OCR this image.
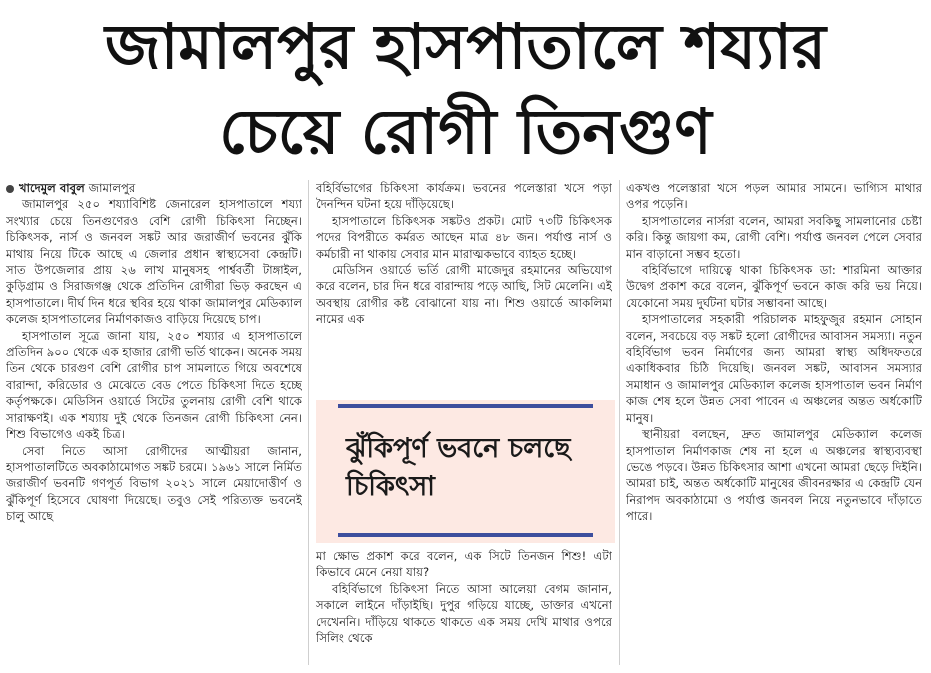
জামালপুর হাসপাতালে শয্যার
চেয়ে রোগী তিনগুণ

খাদেমুল বাবুল জামালপুর

জামালপুর ২৫০ শয্যাবিশিষ্ট জেনারেল হাসপাতালে শয্যা সংখ্যার চেয়ে তিনগুণেরও বেশি রোগী চিকিৎসা নিচ্ছেন। চিকিৎসক, নার্স ও জনবল সঙ্কট আর জরাজীর্ণ ভবনের ঝুঁকি মাথায় নিয়ে টিকে আছে এ জেলার প্রধান স্বাস্থ্যসেবা কেন্দ্রটি। সাত উপজেলার প্রায় ২৬ লাখ মানুষসহ পার্শ্ববর্তী টাঙ্গাইল, কুড়িগ্রাম ও সিরাজগঞ্জ থেকে প্রতিদিন রোগীরা ভিড় করছেন এ হাসপাতালে। দীর্ঘ দিন ধরে স্থবির হয়ে থাকা জামালপুর মেডিক্যাল কলেজ হাসপাতালের নির্মাণকাজও বাড়িয়ে দিয়েছে চাপ।

হাসপাতাল সূত্রে জানা যায়, ২৫০ শয্যার এ হাসপাতালে প্রতিদিন ৯০০ থেকে এক হাজার রোগী ভর্তি থাকেন। অনেক সময় তিন থেকে চারগুণ বেশি রোগীর চাপ সামলাতে গিয়ে অবশেষে বারান্দা, করিডোর ও মেঝেতে বেড পেতে চিকিৎসা দিতে হচ্ছে কর্তৃপক্ষকে। মেডিসিন ওয়ার্ডে সিটের তুলনায় রোগী বেশি থাকে সারাক্ষণই। এক শয্যায় দুই থেকে তিনজন রোগী চিকিৎসা নেন। শিশু বিভাগেও একই চিত্র।

সেবা নিতে আসা রোগীদের আত্মীয়রা জানান, হাসপাতালটিতে অবকাঠামোগত সঙ্কট চরমে। ১৯৬১ সালে নির্মিত জরাজীর্ণ ভবনটি গণপূর্ত বিভাগ ২০২১ সালে মেয়াদোত্তীর্ণ ও ঝুঁকিপূর্ণ হিসেবে ঘোষণা দিয়েছে। তবুও সেই পরিত্যক্ত ভবনেই চালু আছে

বহির্বিভাগের চিকিৎসা কার্যক্রম। ভবনের পলেস্তারা খসে পড়া দৈনন্দিন ঘটনা হয়ে দাঁড়িয়েছে।

হাসপাতালে চিকিৎসক সঙ্কটও প্রকট। মোট ৭৩টি চিকিৎসক পদের বিপরীতে কর্মরত আছেন মাত্র ৪৮ জন। পর্যাপ্ত নার্স ও কর্মচারী না থাকায় সেবার মান মারাত্মকভাবে ব্যাহত হচ্ছে।

মেডিসিন ওয়ার্ডে ভর্তি রোগী মাজেদুর রহমানের অভিযোগ করে বলেন, চার দিন ধরে বারান্দায় পড়ে আছি, সিট মেলেনি। এই অবস্থায় রোগীর কষ্ট বোঝানো যায় না। শিশু ওয়ার্ডে আকলিমা নামের এক

ঝুঁকিপূর্ণ ভবনে চলছে
চিকিৎসা

মা ক্ষোভ প্রকাশ করে বলেন, এক সিটে তিনজন শিশু! এটা কিভাবে মেনে নেয়া যায়?

বহির্বিভাগে চিকিৎসা নিতে আসা আলেয়া বেগম জানান, সকালে লাইনে দাঁড়াইছি। দুপুর গড়িয়ে যাচ্ছে, ডাক্তার এখনো দেখেননি। দাঁড়িয়ে থাকতে থাকতে এক সময় দেখি মাথার ওপরে সিলিং থেকে

একখণ্ড পলেস্তারা খসে পড়ল আমার সামনে। ভাগ্যিস মাথার ওপর পড়েনি।

হাসপাতালের নার্সরা বলেন, আমরা সবকিছু সামলানোর চেষ্টা করি। কিন্তু জায়গা কম, রোগী বেশি। পর্যাপ্ত জনবল পেলে সেবার মান বাড়ানো সম্ভব হতো।

বহির্বিভাগে দায়িত্বে থাকা চিকিৎসক ডা: শারমিনা আক্তার উদ্বেগ প্রকাশ করে বলেন, ঝুঁকিপূর্ণ ভবনে কাজ করি ভয় নিয়ে। যেকোনো সময় দুর্ঘটনা ঘটার সম্ভাবনা আছে।

হাসপাতালের সহকারী পরিচালক মাহফুজুর রহমান সোহান বলেন, সবচেয়ে বড় সঙ্কট হলো রোগীদের আবাসন সমস্যা। নতুন বহির্বিভাগ ভবন নির্মাণের জন্য আমরা স্বাস্থ্য অধিদফতরে একাধিকবার চিঠি দিয়েছি। জনবল সঙ্কট, আবাসন সমস্যার সমাধান ও জামালপুর মেডিক্যাল কলেজ হাসপাতাল ভবন নির্মাণ কাজ শেষ হলে উন্নত সেবা পাবেন এ অঞ্চলের অন্তত অর্ধকোটি মানুষ।

স্থানীয়রা বলছেন, দ্রুত জামালপুর মেডিক্যাল কলেজ হাসপাতাল নির্মাণকাজ শেষ না হলে এ অঞ্চলের স্বাস্থ্যব্যবস্থা ভেঙে পড়বে। উন্নত চিকিৎসার আশা এখনো আমরা ছেড়ে দিইনি। আমরা চাই, অন্তত অর্ধকোটি মানুষের জীবনরক্ষার এ কেন্দ্রটি যেন নিরাপদ অবকাঠামো ও পর্যাপ্ত জনবল নিয়ে নতুনভাবে দাঁড়াতে পারে।
